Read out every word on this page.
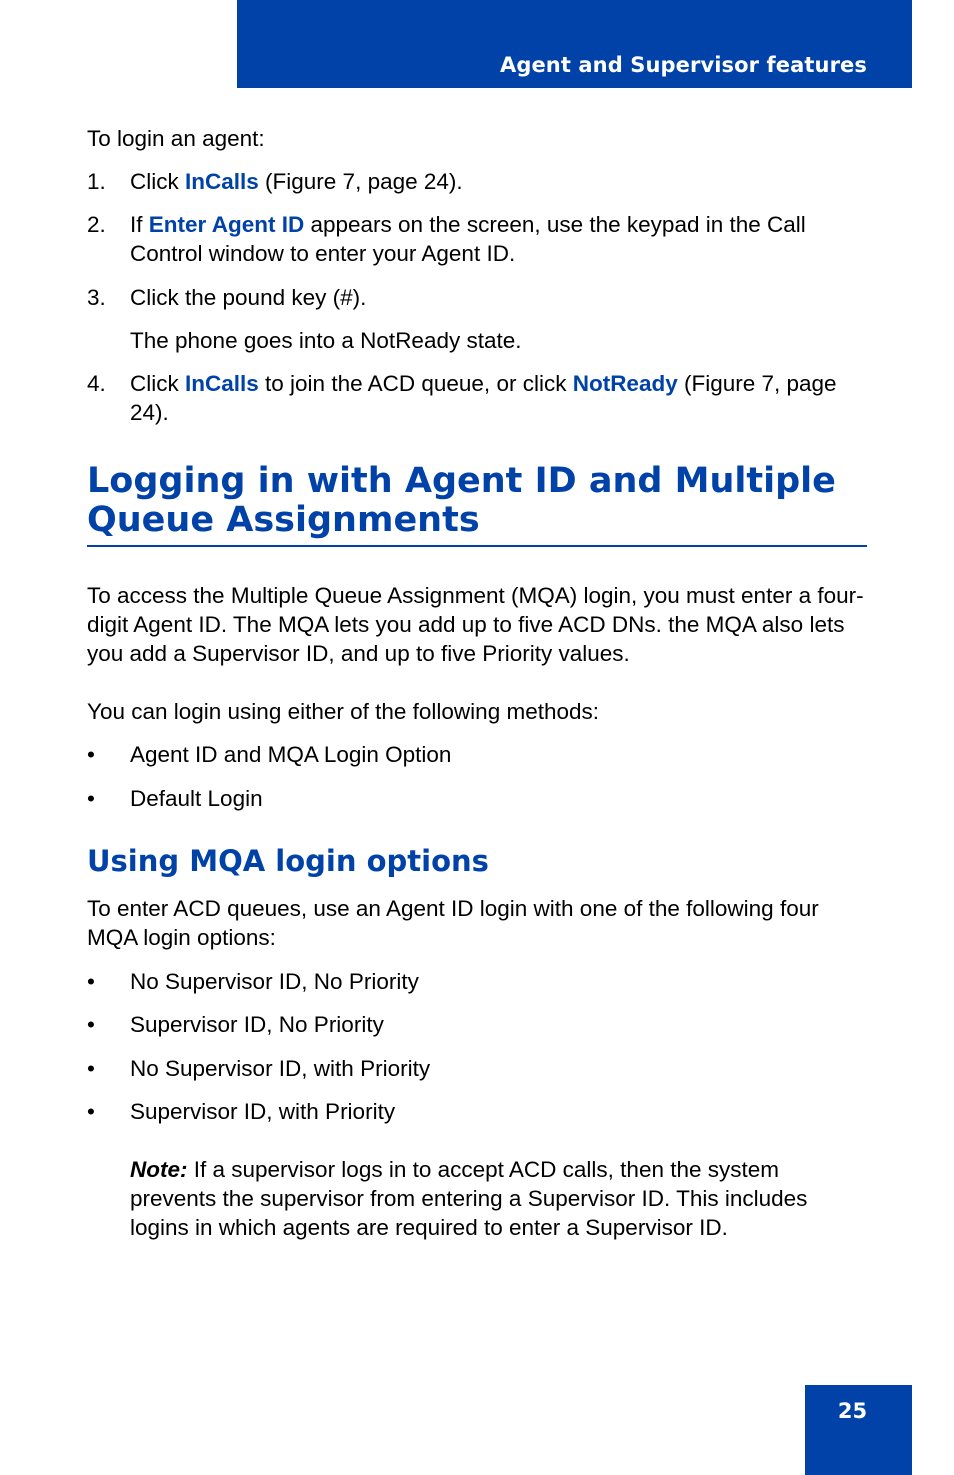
Agent and Supervisor features

To login an agent:

1. Click InCalls (Figure 7, page 24).
2. If Enter Agent ID appears on the screen, use the keypad in the Call Control window to enter your Agent ID.
3. Click the pound key (#).
The phone goes into a NotReady state.
4. Click InCalls to join the ACD queue, or click NotReady (Figure 7, page 24).
Logging in with Agent ID and Multiple Queue Assignments

To access the Multiple Queue Assignment (MQA) login, you must enter a four-digit Agent ID. The MQA lets you add up to five ACD DNs. the MQA also lets you add a Supervisor ID, and up to five Priority values.

You can login using either of the following methods:

• Agent ID and MQA Login Option
• Default Login
Using MQA login options

To enter ACD queues, use an Agent ID login with one of the following four MQA login options:

• No Supervisor ID, No Priority
• Supervisor ID, No Priority
• No Supervisor ID, with Priority
• Supervisor ID, with Priority
Note: If a supervisor logs in to accept ACD calls, then the system prevents the supervisor from entering a Supervisor ID. This includes logins in which agents are required to enter a Supervisor ID.
25
